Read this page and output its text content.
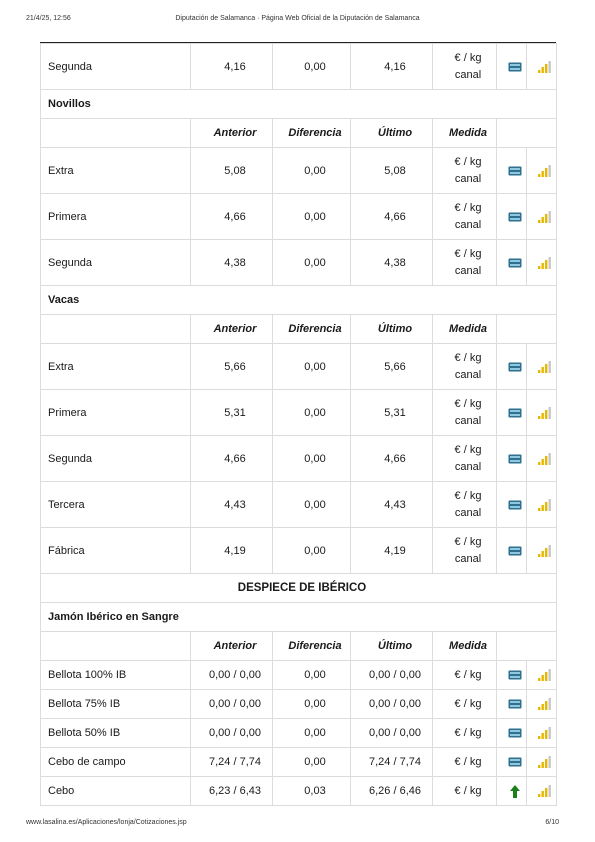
Diputación de Salamanca · Página Web Oficial de la Diputación de Salamanca
21/4/25, 12:56
Segunda	4,16	0,00	4,16	€ / kg
canal

Novillos						
	Anterior	Diferencia	Último	Medida		
Extra	5,08	0,00	5,08	€ / kg
canal

Primera	4,66	0,00	4,66	€ / kg
canal

Segunda	4,38	0,00	4,38	€ / kg
canal

Vacas						
	Anterior	Diferencia	Último	Medida		
Extra	5,66	0,00	5,66	€ / kg
canal

Primera	5,31	0,00	5,31	€ / kg
canal

Segunda	4,66	0,00	4,66	€ / kg
canal

Tercera	4,43	0,00	4,43	€ / kg
canal

Fábrica	4,19	0,00	4,19	€ / kg
canal

DESPIECE DE IBÉRICO						
Jamón Ibérico en Sangre						
	Anterior	Diferencia	Último	Medida		
Bellota 100% IB	0,00 / 0,00	0,00	0,00 / 0,00	€ / kg		
Bellota 75% IB	0,00 / 0,00	0,00	0,00 / 0,00	€ / kg		
Bellota 50% IB	0,00 / 0,00	0,00	0,00 / 0,00	€ / kg		
Cebo de campo	7,24 / 7,74	0,00	7,24 / 7,74	€ / kg		
Cebo	6,23 / 6,43	0,03	6,26 / 6,46	€ / kg		
www.lasalina.es/Aplicaciones/lonja/Cotizaciones.jsp	6/10
